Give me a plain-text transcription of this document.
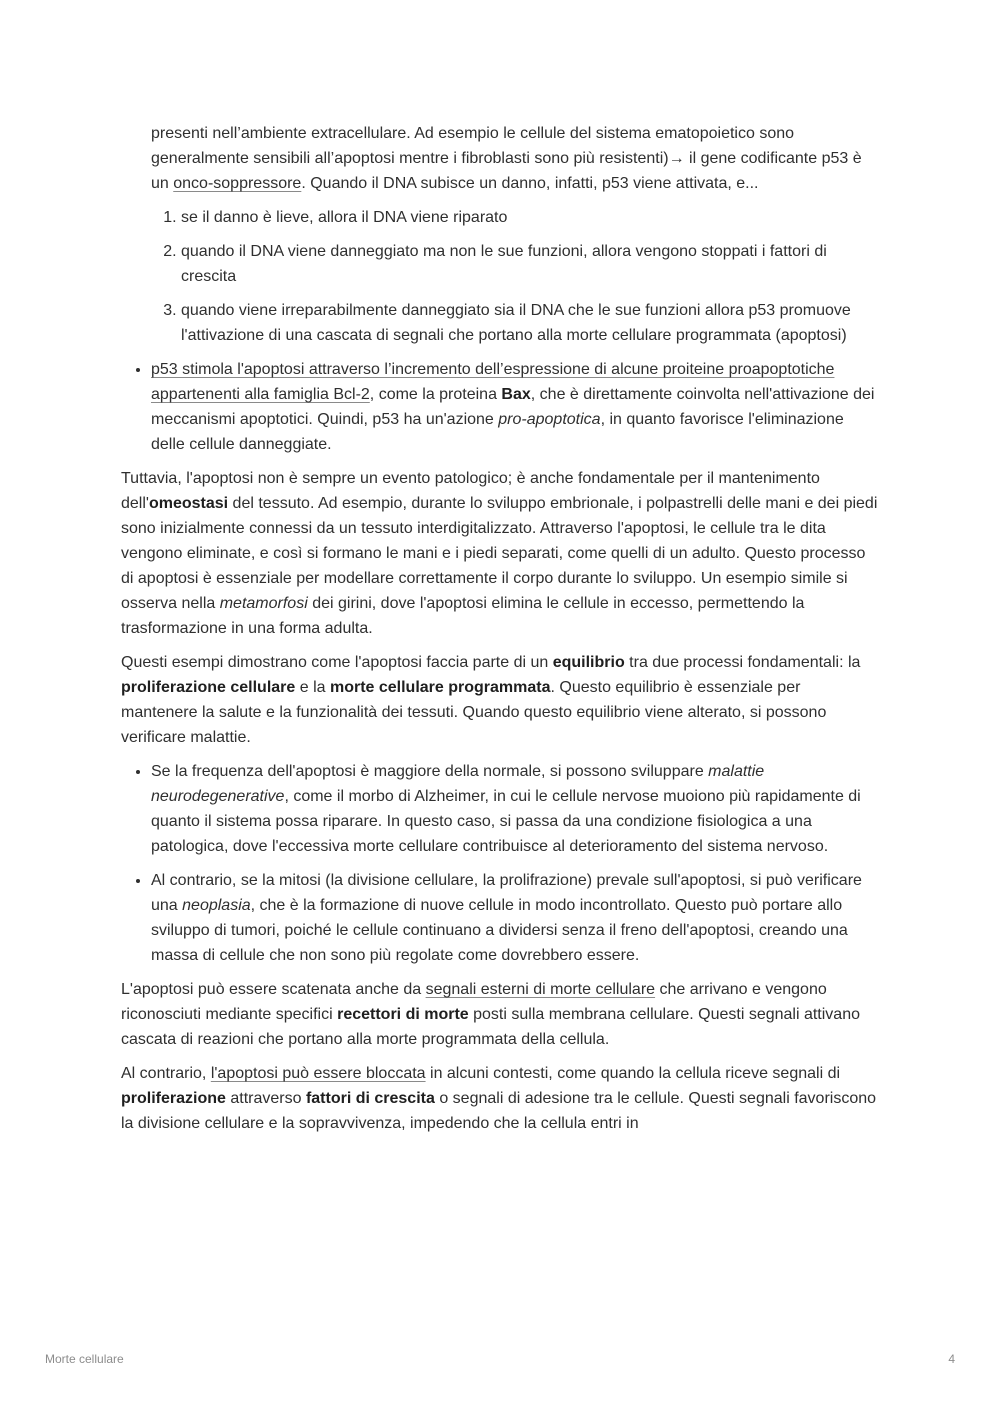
presenti nell’ambiente extracellulare. Ad esempio le cellule del sistema ematopoietico sono generalmente sensibili all’apoptosi mentre i fibroblasti sono più resistenti)→ il gene codificante p53 è un onco-soppressore. Quando il DNA subisce un danno, infatti, p53 viene attivata, e...

1. se il danno è lieve, allora il DNA viene riparato
2. quando il DNA viene danneggiato ma non le sue funzioni, allora vengono stoppati i fattori di crescita
3. quando viene irreparabilmente danneggiato sia il DNA che le sue funzioni allora p53 promuove l'attivazione di una cascata di segnali che portano alla morte cellulare programmata (apoptosi)
• p53 stimola l'apoptosi attraverso l’incremento dell’espressione di alcune proiteine proapoptotiche appartenenti alla famiglia Bcl-2, come la proteina Bax, che è direttamente coinvolta nell'attivazione dei meccanismi apoptotici. Quindi, p53 ha un'azione pro-apoptotica, in quanto favorisce l'eliminazione delle cellule danneggiate.

Tuttavia, l'apoptosi non è sempre un evento patologico; è anche fondamentale per il mantenimento dell'omeostasi del tessuto. Ad esempio, durante lo sviluppo embrionale, i polpastrelli delle mani e dei piedi sono inizialmente connessi da un tessuto interdigitalizzato. Attraverso l'apoptosi, le cellule tra le dita vengono eliminate, e così si formano le mani e i piedi separati, come quelli di un adulto. Questo processo di apoptosi è essenziale per modellare correttamente il corpo durante lo sviluppo. Un esempio simile si osserva nella metamorfosi dei girini, dove l'apoptosi elimina le cellule in eccesso, permettendo la trasformazione in una forma adulta.

Questi esempi dimostrano come l'apoptosi faccia parte di un equilibrio tra due processi fondamentali: la proliferazione cellulare e la morte cellulare programmata. Questo equilibrio è essenziale per mantenere la salute e la funzionalità dei tessuti. Quando questo equilibrio viene alterato, si possono verificare malattie.

• Se la frequenza dell'apoptosi è maggiore della normale, si possono sviluppare malattie neurodegenerative, come il morbo di Alzheimer, in cui le cellule nervose muoiono più rapidamente di quanto il sistema possa riparare. In questo caso, si passa da una condizione fisiologica a una patologica, dove l'eccessiva morte cellulare contribuisce al deterioramento del sistema nervoso.
• Al contrario, se la mitosi (la divisione cellulare, la prolifrazione) prevale sull'apoptosi, si può verificare una neoplasia, che è la formazione di nuove cellule in modo incontrollato. Questo può portare allo sviluppo di tumori, poiché le cellule continuano a dividersi senza il freno dell'apoptosi, creando una massa di cellule che non sono più regolate come dovrebbero essere.

L'apoptosi può essere scatenata anche da segnali esterni di morte cellulare che arrivano e vengono riconosciuti mediante specifici recettori di morte posti sulla membrana cellulare. Questi segnali attivano cascata di reazioni che portano alla morte programmata della cellula.

Al contrario, l'apoptosi può essere bloccata in alcuni contesti, come quando la cellula riceve segnali di proliferazione attraverso fattori di crescita o segnali di adesione tra le cellule. Questi segnali favoriscono la divisione cellulare e la sopravvivenza, impedendo che la cellula entri in

Morte cellulare	4
